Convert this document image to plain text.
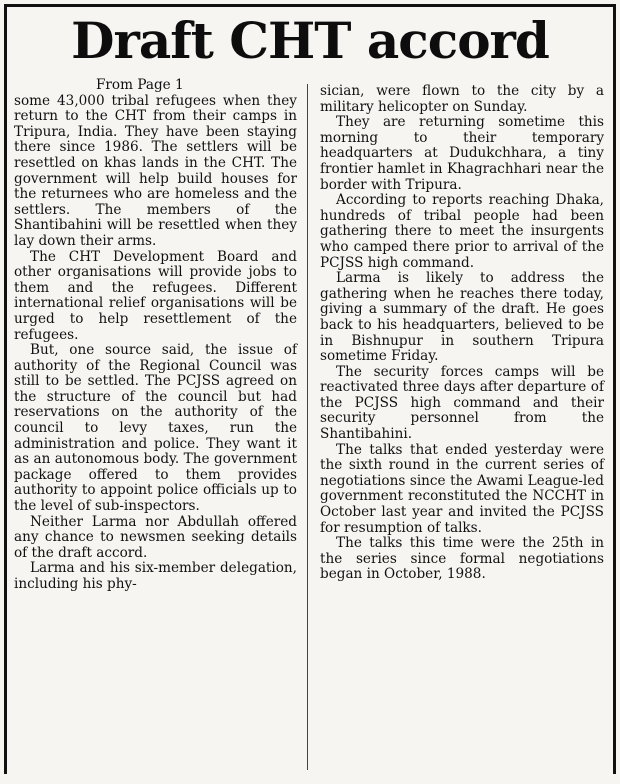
Draft CHT accord
From Page 1

some 43,000 tribal refugees when they return to the CHT from their camps in Tripura, India. They have been staying there since 1986. The settlers will be resettled on khas lands in the CHT. The government will help build houses for the returnees who are homeless and the settlers. The members of the Shantibahini will be resettled when they lay down their arms.

The CHT Development Board and other organisations will provide jobs to them and the refugees. Different international relief organisations will be urged to help resettlement of the refugees.

But, one source said, the issue of authority of the Regional Council was still to be settled. The PCJSS agreed on the structure of the council but had reservations on the authority of the council to levy taxes, run the administration and police. They want it as an autonomous body. The government package offered to them provides authority to appoint police officials up to the level of sub-inspectors.

Neither Larma nor Abdullah offered any chance to newsmen seeking details of the draft accord.

Larma and his six-member delegation, including his phy-

sician, were flown to the city by a military helicopter on Sunday.

They are returning sometime this morning to their temporary headquarters at Dudukchhara, a tiny frontier hamlet in Khagrachhari near the border with Tripura.

According to reports reaching Dhaka, hundreds of tribal people had been gathering there to meet the insurgents who camped there prior to arrival of the PCJSS high command.

Larma is likely to address the gathering when he reaches there today, giving a summary of the draft. He goes back to his headquarters, believed to be in Bishnupur in southern Tripura sometime Friday.

The security forces camps will be reactivated three days after departure of the PCJSS high command and their security personnel from the Shantibahini.

The talks that ended yesterday were the sixth round in the current series of negotiations since the Awami League-led government reconstituted the NCCHT in October last year and invited the PCJSS for resumption of talks.

The talks this time were the 25th in the series since formal negotiations began in October, 1988.
